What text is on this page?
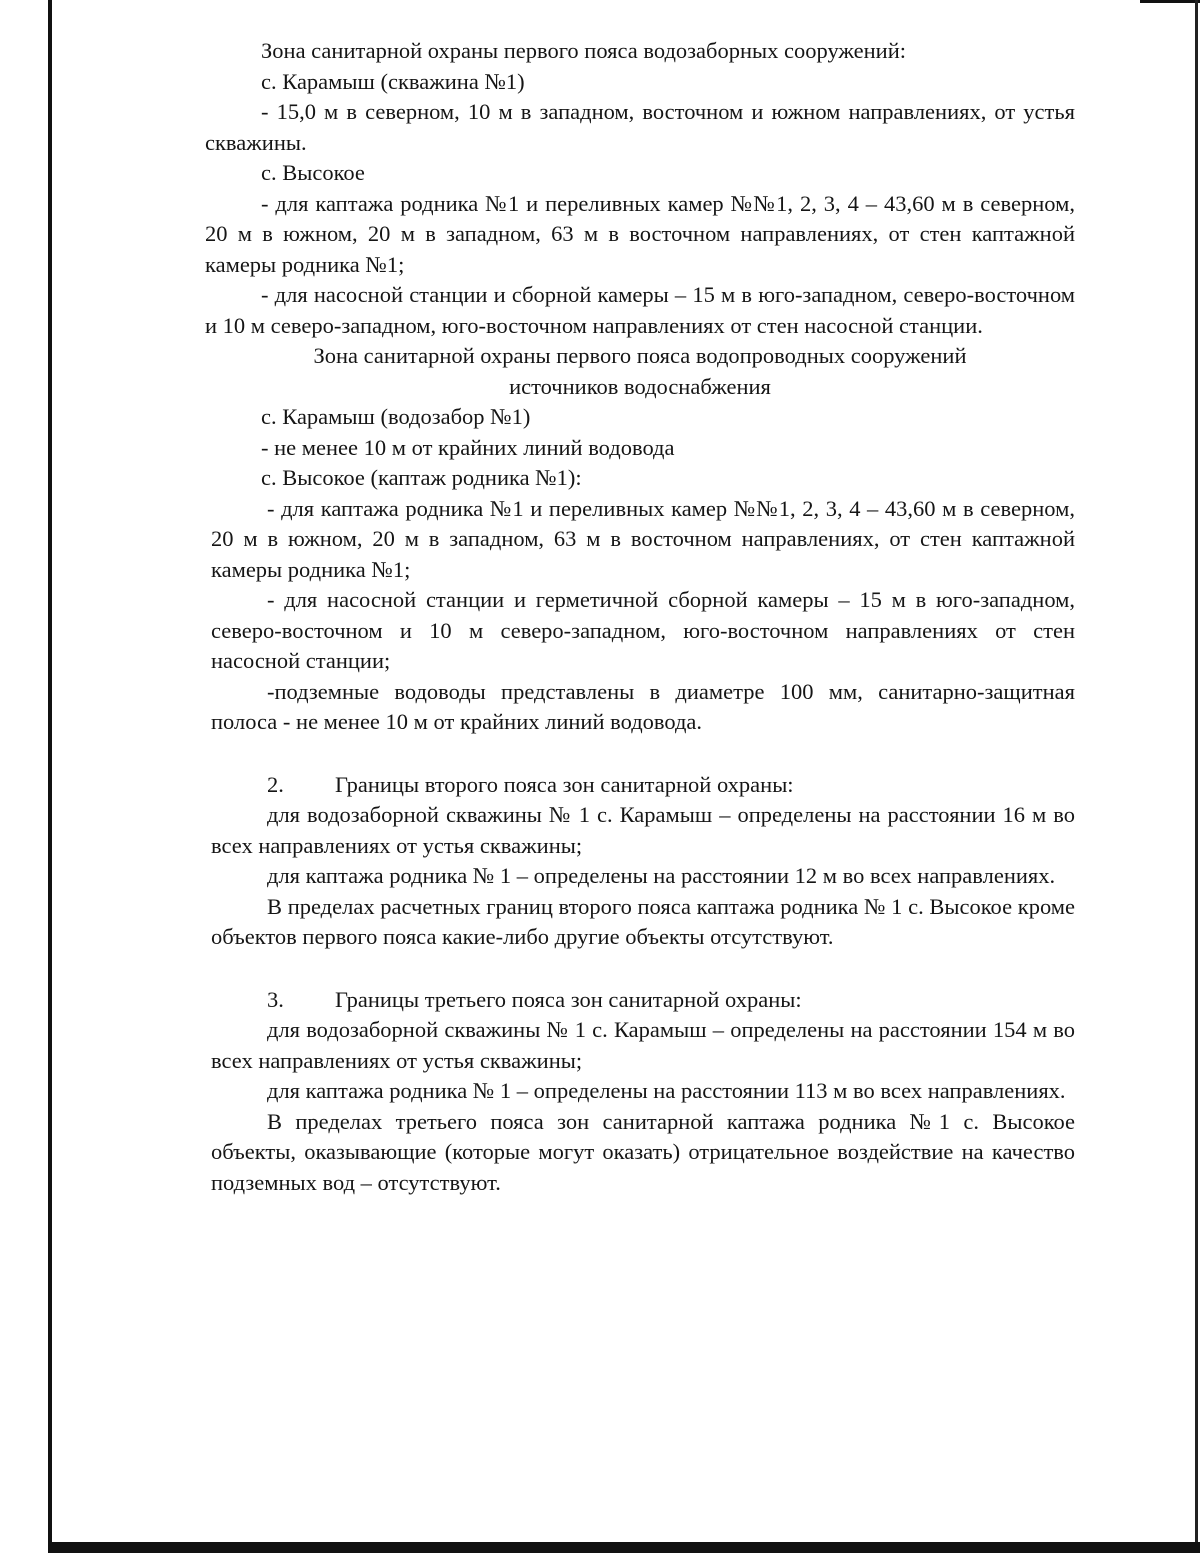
Зона санитарной охраны первого пояса водозаборных сооружений:

с. Карамыш (скважина №1)

- 15,0 м в северном, 10 м в западном, восточном и южном направлениях, от устья скважины.

с. Высокое

- для каптажа родника №1 и переливных камер №№1, 2, 3, 4 – 43,60 м в северном, 20 м в южном, 20 м в западном, 63 м в восточном направлениях, от стен каптажной камеры родника №1;

- для насосной станции и сборной камеры – 15 м в юго-западном, северо-восточном и 10 м северо-западном, юго-восточном направлениях от стен насосной станции.

Зона санитарной охраны первого пояса водопроводных сооружений источников водоснабжения

с. Карамыш (водозабор №1)

- не менее 10 м от крайних линий водовода

с. Высокое (каптаж родника №1):

- для каптажа родника №1 и переливных камер №№1, 2, 3, 4 – 43,60 м в северном, 20 м в южном, 20 м в западном, 63 м в восточном направлениях, от стен каптажной камеры родника №1;

- для насосной станции и герметичной сборной камеры – 15 м в юго-западном, северо-восточном и 10 м северо-западном, юго-восточном направлениях от стен насосной станции;

-подземные водоводы представлены в диаметре 100 мм, санитарно-защитная полоса - не менее 10 м от крайних линий водовода.

2. Границы второго пояса зон санитарной охраны:

для водозаборной скважины № 1 с. Карамыш – определены на расстоянии 16 м во всех направлениях от устья скважины;

для каптажа родника № 1 – определены на расстоянии 12 м во всех направлениях.

В пределах расчетных границ второго пояса каптажа родника № 1 с. Высокое кроме объектов первого пояса какие-либо другие объекты отсутствуют.

3. Границы третьего пояса зон санитарной охраны:

для водозаборной скважины № 1 с. Карамыш – определены на расстоянии 154 м во всех направлениях от устья скважины;

для каптажа родника № 1 – определены на расстоянии 113 м во всех направлениях.

В пределах третьего пояса зон санитарной каптажа родника №1 с. Высокое объекты, оказывающие (которые могут оказать) отрицательное воздействие на качество подземных вод – отсутствуют.
